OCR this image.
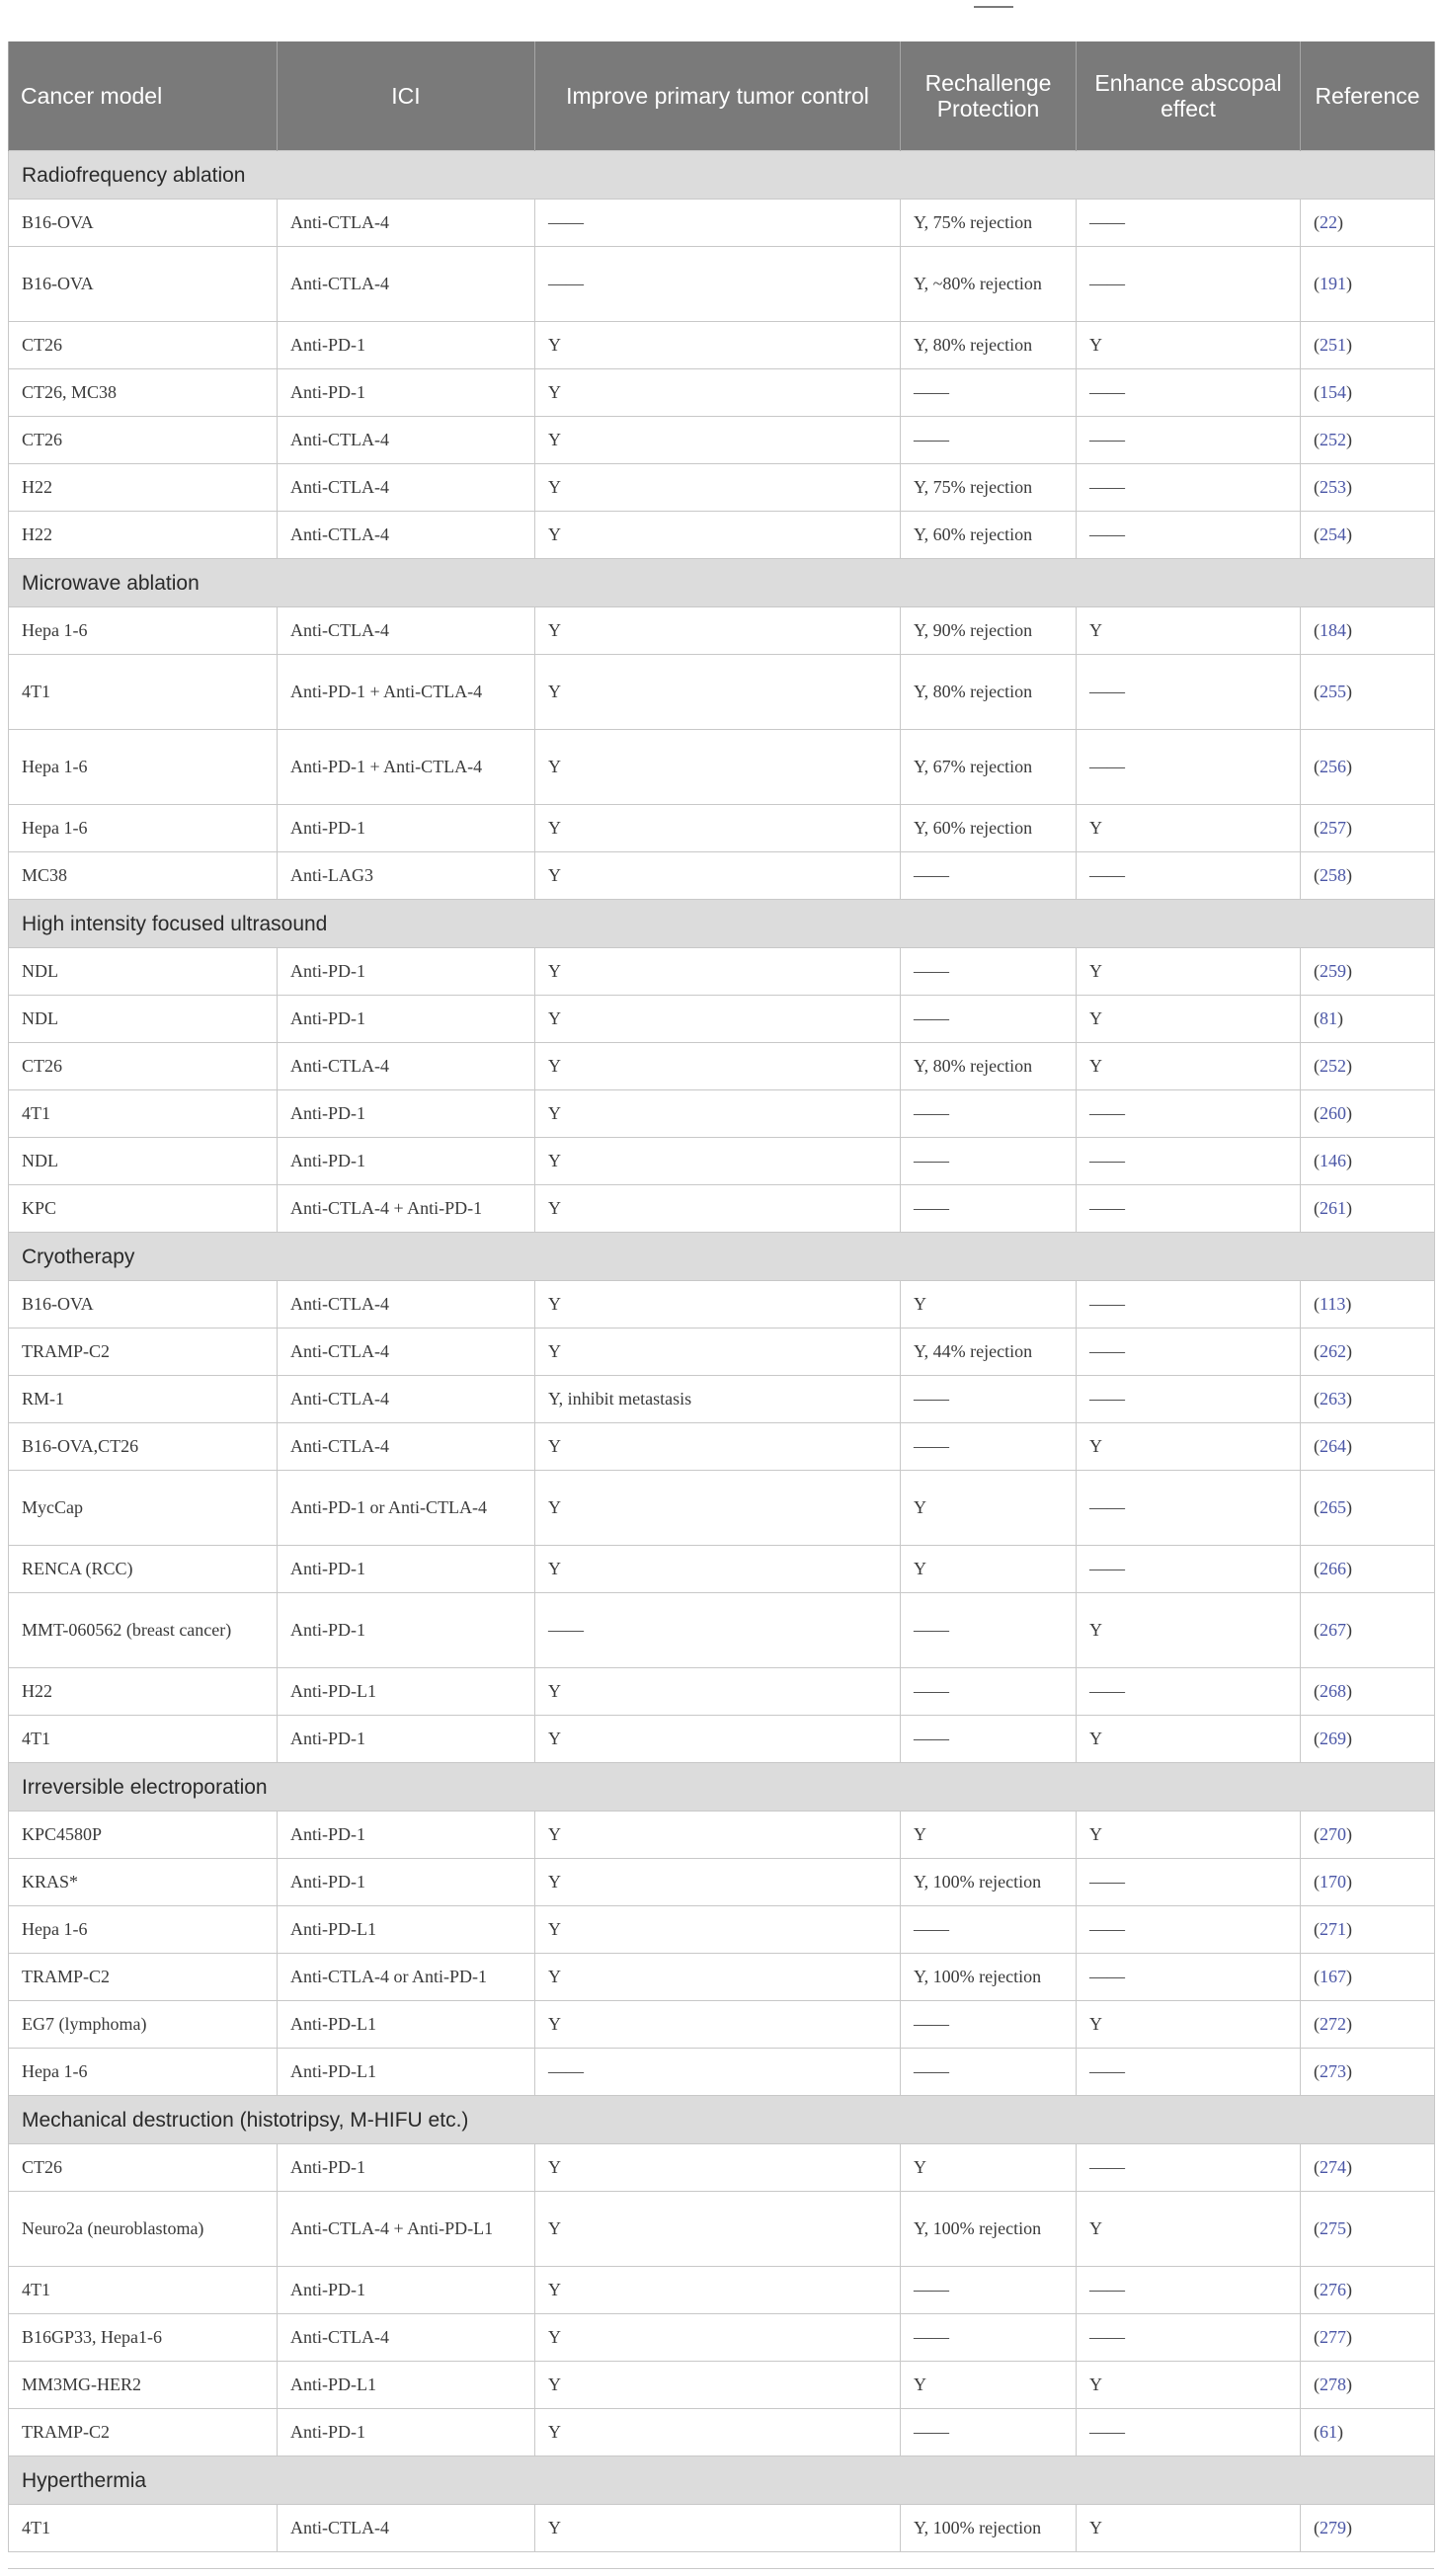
Cancer model	ICI	Improve primary tumor control	Rechallenge Protection	Enhance abscopal effect	Reference
Radiofrequency ablation					
B16-OVA	Anti-CTLA-4	——	Y, 75% rejection	——	(22)
B16-OVA	Anti-CTLA-4	——	Y, ~80% rejection	——	(191)
CT26	Anti-PD-1	Y	Y, 80% rejection	Y	(251)
CT26, MC38	Anti-PD-1	Y	——	——	(154)
CT26	Anti-CTLA-4	Y	——	——	(252)
H22	Anti-CTLA-4	Y	Y, 75% rejection	——	(253)
H22	Anti-CTLA-4	Y	Y, 60% rejection	——	(254)
Microwave ablation					
Hepa 1-6	Anti-CTLA-4	Y	Y, 90% rejection	Y	(184)
4T1	Anti-PD-1 + Anti-CTLA-4	Y	Y, 80% rejection	——	(255)
Hepa 1-6	Anti-PD-1 + Anti-CTLA-4	Y	Y, 67% rejection	——	(256)
Hepa 1-6	Anti-PD-1	Y	Y, 60% rejection	Y	(257)
MC38	Anti-LAG3	Y	——	——	(258)
High intensity focused ultrasound					
NDL	Anti-PD-1	Y	——	Y	(259)
NDL	Anti-PD-1	Y	——	Y	(81)
CT26	Anti-CTLA-4	Y	Y, 80% rejection	Y	(252)
4T1	Anti-PD-1	Y	——	——	(260)
NDL	Anti-PD-1	Y	——	——	(146)
KPC	Anti-CTLA-4 + Anti-PD-1	Y	——	——	(261)
Cryotherapy					
B16-OVA	Anti-CTLA-4	Y	Y	——	(113)
TRAMP-C2	Anti-CTLA-4	Y	Y, 44% rejection	——	(262)
RM-1	Anti-CTLA-4	Y, inhibit metastasis	——	——	(263)
B16-OVA,CT26	Anti-CTLA-4	Y	——	Y	(264)
MycCap	Anti-PD-1 or Anti-CTLA-4	Y	Y	——	(265)
RENCA (RCC)	Anti-PD-1	Y	Y	——	(266)
MMT-060562 (breast cancer)	Anti-PD-1	——	——	Y	(267)
H22	Anti-PD-L1	Y	——	——	(268)
4T1	Anti-PD-1	Y	——	Y	(269)
Irreversible electroporation					
KPC4580P	Anti-PD-1	Y	Y	Y	(270)
KRAS*	Anti-PD-1	Y	Y, 100% rejection	——	(170)
Hepa 1-6	Anti-PD-L1	Y	——	——	(271)
TRAMP-C2	Anti-CTLA-4 or Anti-PD-1	Y	Y, 100% rejection	——	(167)
EG7 (lymphoma)	Anti-PD-L1	Y	——	Y	(272)
Hepa 1-6	Anti-PD-L1	——	——	——	(273)
Mechanical destruction (histotripsy, M-HIFU etc.)					
CT26	Anti-PD-1	Y	Y	——	(274)
Neuro2a (neuroblastoma)	Anti-CTLA-4 + Anti-PD-L1	Y	Y, 100% rejection	Y	(275)
4T1	Anti-PD-1	Y	——	——	(276)
B16GP33, Hepa1-6	Anti-CTLA-4	Y	——	——	(277)
MM3MG-HER2	Anti-PD-L1	Y	Y	Y	(278)
TRAMP-C2	Anti-PD-1	Y	——	——	(61)
Hyperthermia					
4T1	Anti-CTLA-4	Y	Y, 100% rejection	Y	(279)
